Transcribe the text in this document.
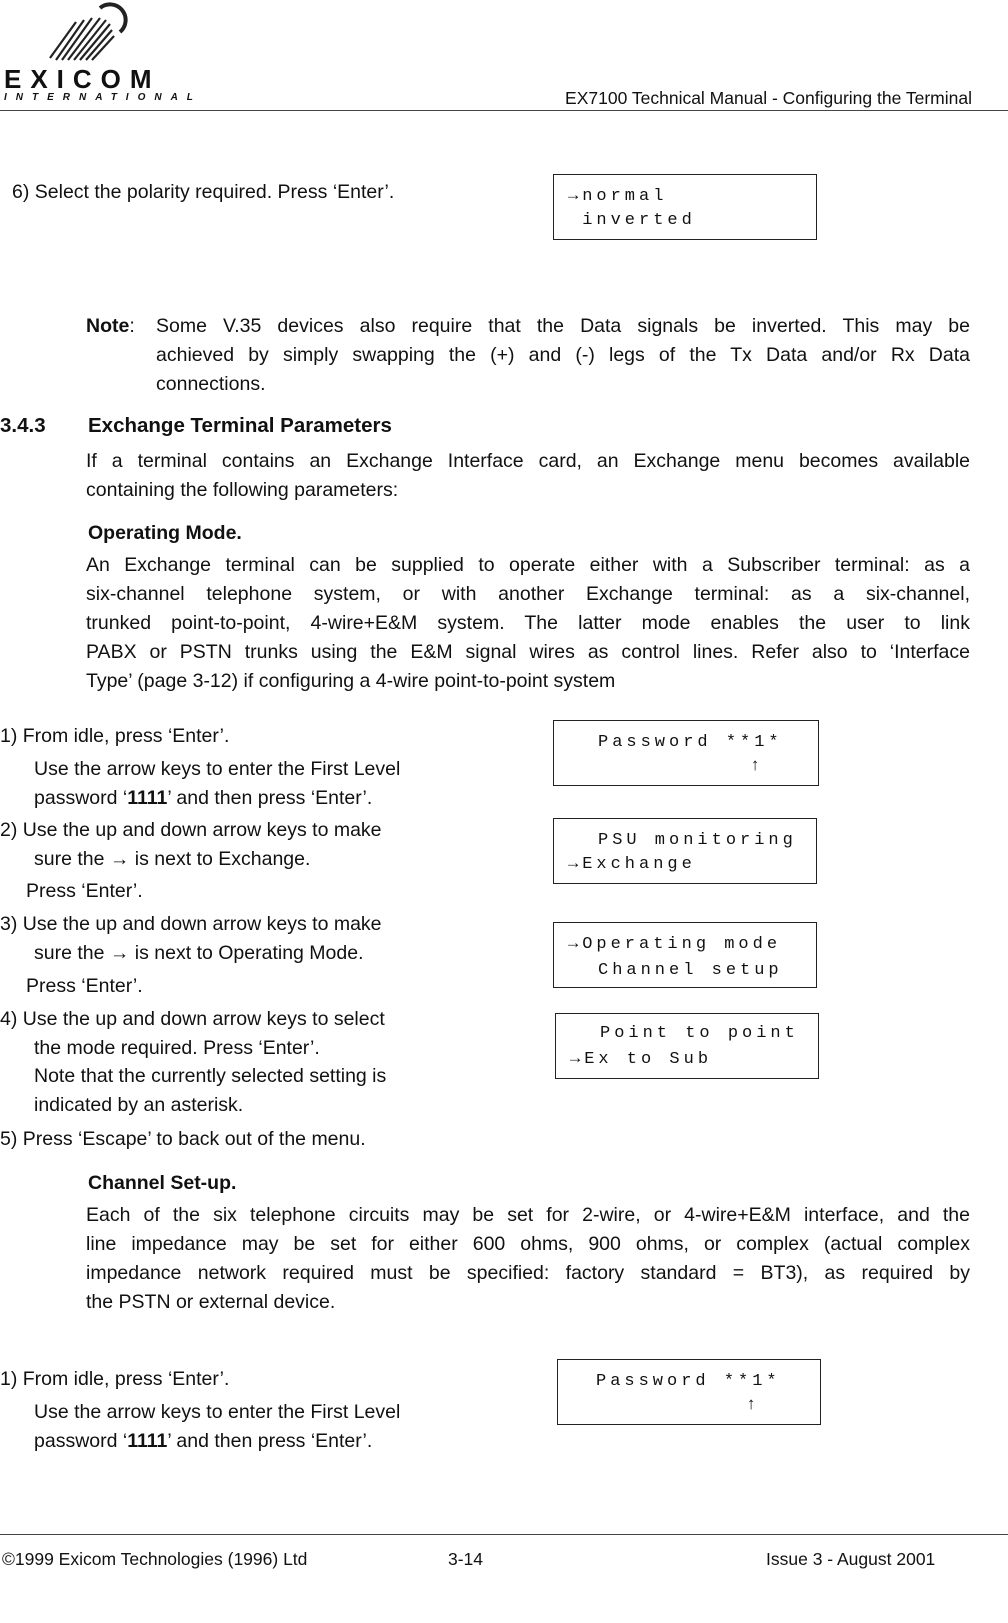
EXICOM
INTERNATIONAL	EX7100 Technical Manual - Configuring the Terminal
6) Select the polarity required. Press ‘Enter’.	→normal
inverted
Note: Some V.35 devices also require that the Data signals be inverted. This may be
achieved by simply swapping the (+) and (-) legs of the Tx Data and/or Rx Data
connections.
3.4.3 Exchange Terminal Parameters
If a terminal contains an Exchange Interface card, an Exchange menu becomes available
containing the following parameters:
Operating Mode.
An Exchange terminal can be supplied to operate either with a Subscriber terminal: as a
six-channel telephone system, or with another Exchange terminal: as a six-channel,
trunked point-to-point, 4-wire+E&M system. The latter mode enables the user to link
PABX or PSTN trunks using the E&M signal wires as control lines. Refer also to ‘Interface
Type’ (page 3-12) if configuring a 4-wire point-to-point system
1) From idle, press ‘Enter’.
Use the arrow keys to enter the First Level
password ‘1111’ and then press ‘Enter’.
2) Use the up and down arrow keys to make
sure the → is next to Exchange.
Press ‘Enter’.
3) Use the up and down arrow keys to make
sure the → is next to Operating Mode.
Press ‘Enter’.
4) Use the up and down arrow keys to select
the mode required. Press ‘Enter’.
Note that the currently selected setting is
indicated by an asterisk.
5) Press ‘Escape’ to back out of the menu.
Password **1*
↑
PSU monitoring
→Exchange
→Operating mode
Channel setup
Point to point
→Ex to Sub
Channel Set-up.
Each of the six telephone circuits may be set for 2-wire, or 4-wire+E&M interface, and the
line impedance may be set for either 600 ohms, 900 ohms, or complex (actual complex
impedance network required must be specified: factory standard = BT3), as required by
the PSTN or external device.
1) From idle, press ‘Enter’.
Use the arrow keys to enter the First Level
password ‘1111’ and then press ‘Enter’.
Password **1*
↑
©1999 Exicom Technologies (1996) Ltd	3-14	Issue 3 - August 2001
